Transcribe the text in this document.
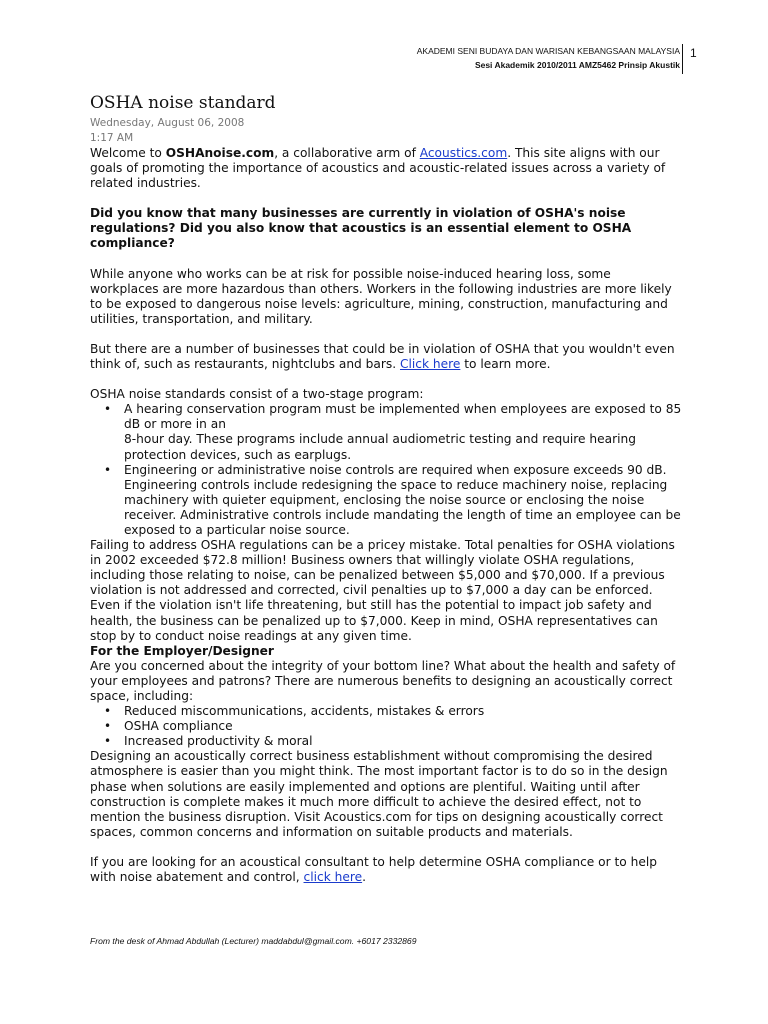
AKADEMI SENI BUDAYA DAN WARISAN KEBANGSAAN MALAYSIA
Sesi Akademik 2010/2011 AMZ5462 Prinsip Akustik
1
OSHA noise standard
Wednesday, August 06, 2008
1:17 AM

Welcome to OSHAnoise.com, a collaborative arm of Acoustics.com. This site aligns with our goals of promoting the importance of acoustics and acoustic-related issues across a variety of related industries.

Did you know that many businesses are currently in violation of OSHA's noise regulations? Did you also know that acoustics is an essential element to OSHA compliance?

While anyone who works can be at risk for possible noise-induced hearing loss, some workplaces are more hazardous than others. Workers in the following industries are more likely to be exposed to dangerous noise levels: agriculture, mining, construction, manufacturing and utilities, transportation, and military.

But there are a number of businesses that could be in violation of OSHA that you wouldn't even think of, such as restaurants, nightclubs and bars. Click here to learn more.

OSHA noise standards consist of a two-stage program:

• A hearing conservation program must be implemented when employees are exposed to 85 dB or more in an
8-hour day. These programs include annual audiometric testing and require hearing protection devices, such as earplugs.
• Engineering or administrative noise controls are required when exposure exceeds 90 dB. Engineering controls include redesigning the space to reduce machinery noise, replacing machinery with quieter equipment, enclosing the noise source or enclosing the noise receiver. Administrative controls include mandating the length of time an employee can be exposed to a particular noise source.

Failing to address OSHA regulations can be a pricey mistake. Total penalties for OSHA violations in 2002 exceeded $72.8 million! Business owners that willingly violate OSHA regulations, including those relating to noise, can be penalized between $5,000 and $70,000. If a previous violation is not addressed and corrected, civil penalties up to $7,000 a day can be enforced. Even if the violation isn't life threatening, but still has the potential to impact job safety and health, the business can be penalized up to $7,000. Keep in mind, OSHA representatives can stop by to conduct noise readings at any given time.

For the Employer/Designer

Are you concerned about the integrity of your bottom line? What about the health and safety of your employees and patrons? There are numerous benefits to designing an acoustically correct space, including:

• Reduced miscommunications, accidents, mistakes & errors
• OSHA compliance
• Increased productivity & moral

Designing an acoustically correct business establishment without compromising the desired atmosphere is easier than you might think. The most important factor is to do so in the design phase when solutions are easily implemented and options are plentiful. Waiting until after construction is complete makes it much more difficult to achieve the desired effect, not to mention the business disruption. Visit Acoustics.com for tips on designing acoustically correct spaces, common concerns and information on suitable products and materials.

If you are looking for an acoustical consultant to help determine OSHA compliance or to help with noise abatement and control, click here.

From the desk of Ahmad Abdullah (Lecturer) maddabdul@gmail.com. +6017 2332869
